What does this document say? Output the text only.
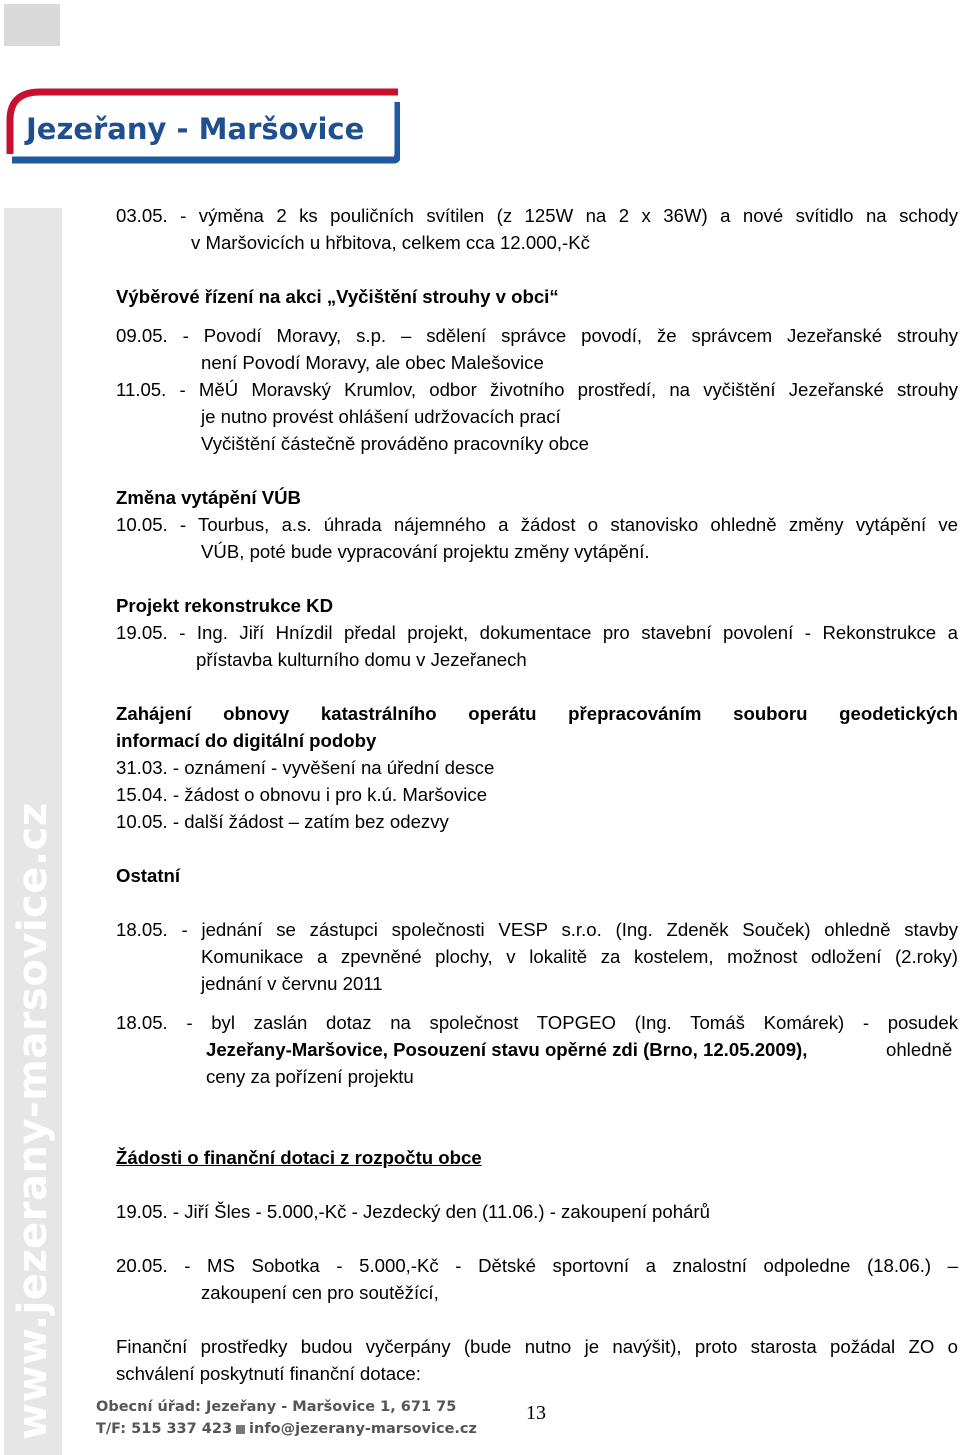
Jezeřany - Maršovice
www.jezerany-marsovice.cz
03.05. - výměna 2 ks pouličních svítilen (z 125W na 2 x 36W) a nové svítidlo na schody
v Maršovicích u hřbitova, celkem cca 12.000,-Kč
Výběrové řízení na akci „Vyčištění strouhy v obci“
09.05. - Povodí Moravy, s.p. – sdělení správce povodí, že správcem Jezeřanské strouhy
není Povodí Moravy, ale obec Malešovice
11.05. - MěÚ Moravský Krumlov, odbor životního prostředí, na vyčištění Jezeřanské strouhy
je nutno provést ohlášení udržovacích prací
Vyčištění částečně prováděno pracovníky obce
Změna vytápění VÚB
10.05. - Tourbus, a.s. úhrada nájemného a žádost o stanovisko ohledně změny vytápění ve
VÚB, poté bude vypracování projektu změny vytápění.
Projekt rekonstrukce KD
19.05. - Ing. Jiří Hnízdil předal projekt, dokumentace pro stavební povolení - Rekonstrukce a
přístavba kulturního domu v Jezeřanech
Zahájení obnovy katastrálního operátu přepracováním souboru geodetických
informací do digitální podoby
31.03. - oznámení - vyvěšení na úřední desce
15.04. - žádost o obnovu i pro k.ú. Maršovice
10.05. - další žádost – zatím bez odezvy
Ostatní
18.05. - jednání se zástupci společnosti VESP s.r.o. (Ing. Zdeněk Souček) ohledně stavby
Komunikace a zpevněné plochy, v lokalitě za kostelem, možnost odložení (2.roky)
jednání v červnu 2011
18.05. - byl zaslán dotaz na společnost TOPGEO (Ing. Tomáš Komárek) - posudek
Jezeřany-Maršovice, Posouzení stavu opěrné zdi (Brno, 12.05.2009),	ohledně
ceny za pořízení projektu
Žádosti o finanční dotaci z rozpočtu obce
19.05. - Jiří Šles - 5.000,-Kč - Jezdecký den (11.06.) - zakoupení pohárů
20.05. - MS Sobotka - 5.000,-Kč - Dětské sportovní a znalostní odpoledne (18.06.) –
zakoupení cen pro soutěžící,
Finanční prostředky budou vyčerpány (bude nutno je navýšit), proto starosta požádal ZO o
schválení poskytnutí finanční dotace:
Obecní úřad: Jezeřany - Maršovice 1, 671 75
T/F: 515 337 423 info@jezerany-marsovice.cz
13
